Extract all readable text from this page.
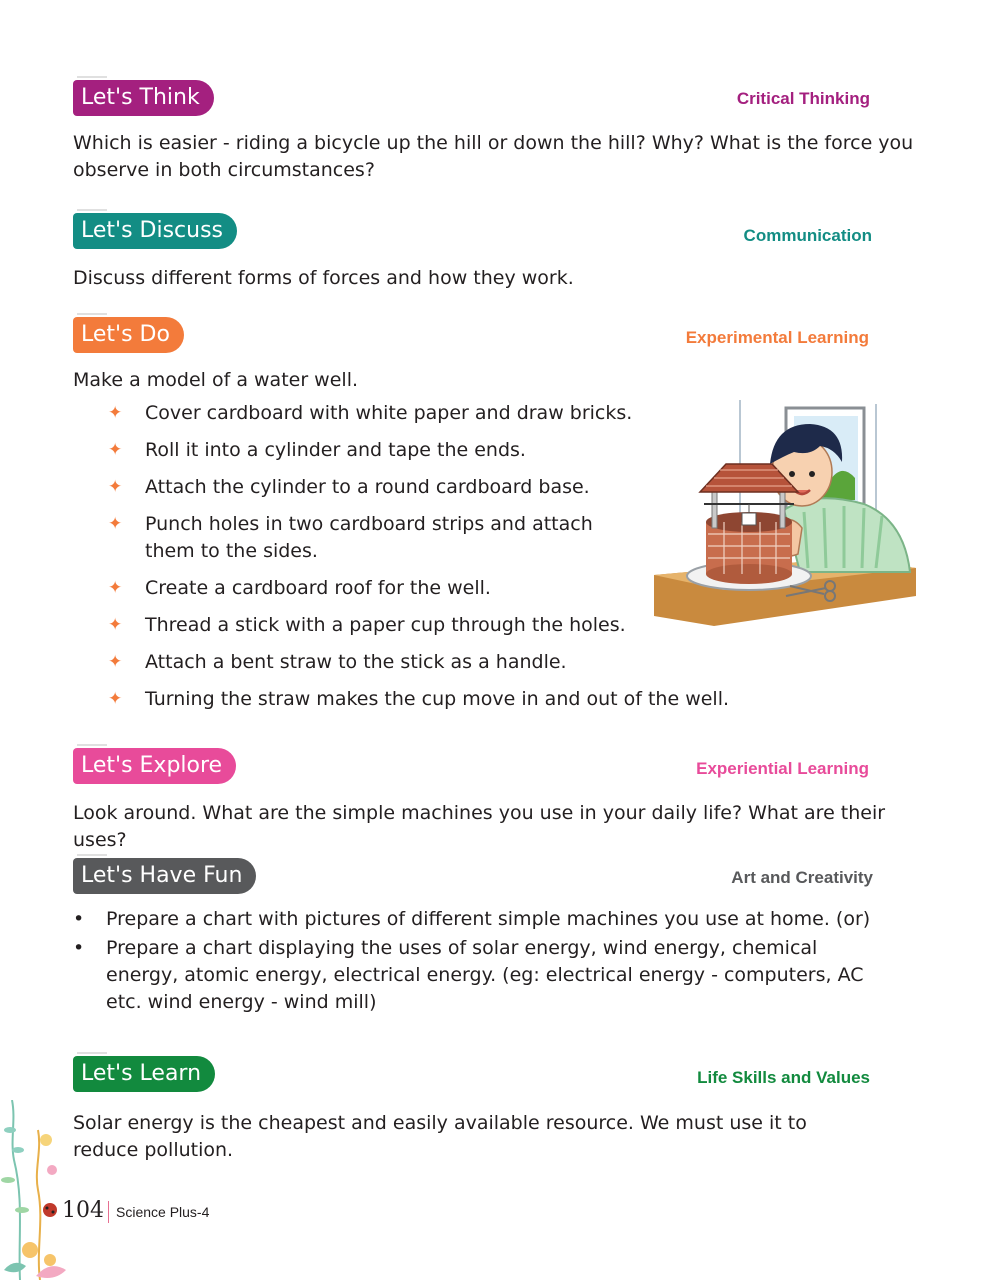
Let's Think	Critical Thinking

Which is easier - riding a bicycle up the hill or down the hill? Why? What is the force you observe in both circumstances?

Let's Discuss	Communication

Discuss different forms of forces and how they work.

Let's Do	Experimental Learning

Make a model of a water well.

✦ Cover cardboard with white paper and draw bricks.
✦ Roll it into a cylinder and tape the ends.
✦ Attach the cylinder to a round cardboard base.
✦ Punch holes in two cardboard strips and attach them to the sides.
✦ Create a cardboard roof for the well.
✦ Thread a stick with a paper cup through the holes.
✦ Attach a bent straw to the stick as a handle.
✦ Turning the straw makes the cup move in and out of the well.
Let's Explore	Experiential Learning

Look around. What are the simple machines you use in your daily life? What are their uses?

Let's Have Fun	Art and Creativity
• Prepare a chart with pictures of different simple machines you use at home. (or)
• Prepare a chart displaying the uses of solar energy, wind energy, chemical energy, atomic energy, electrical energy. (eg: electrical energy - computers, AC etc. wind energy - wind mill)
Let's Learn	Life Skills and Values

Solar energy is the cheapest and easily available resource. We must use it to reduce pollution.

104 Science Plus-4
